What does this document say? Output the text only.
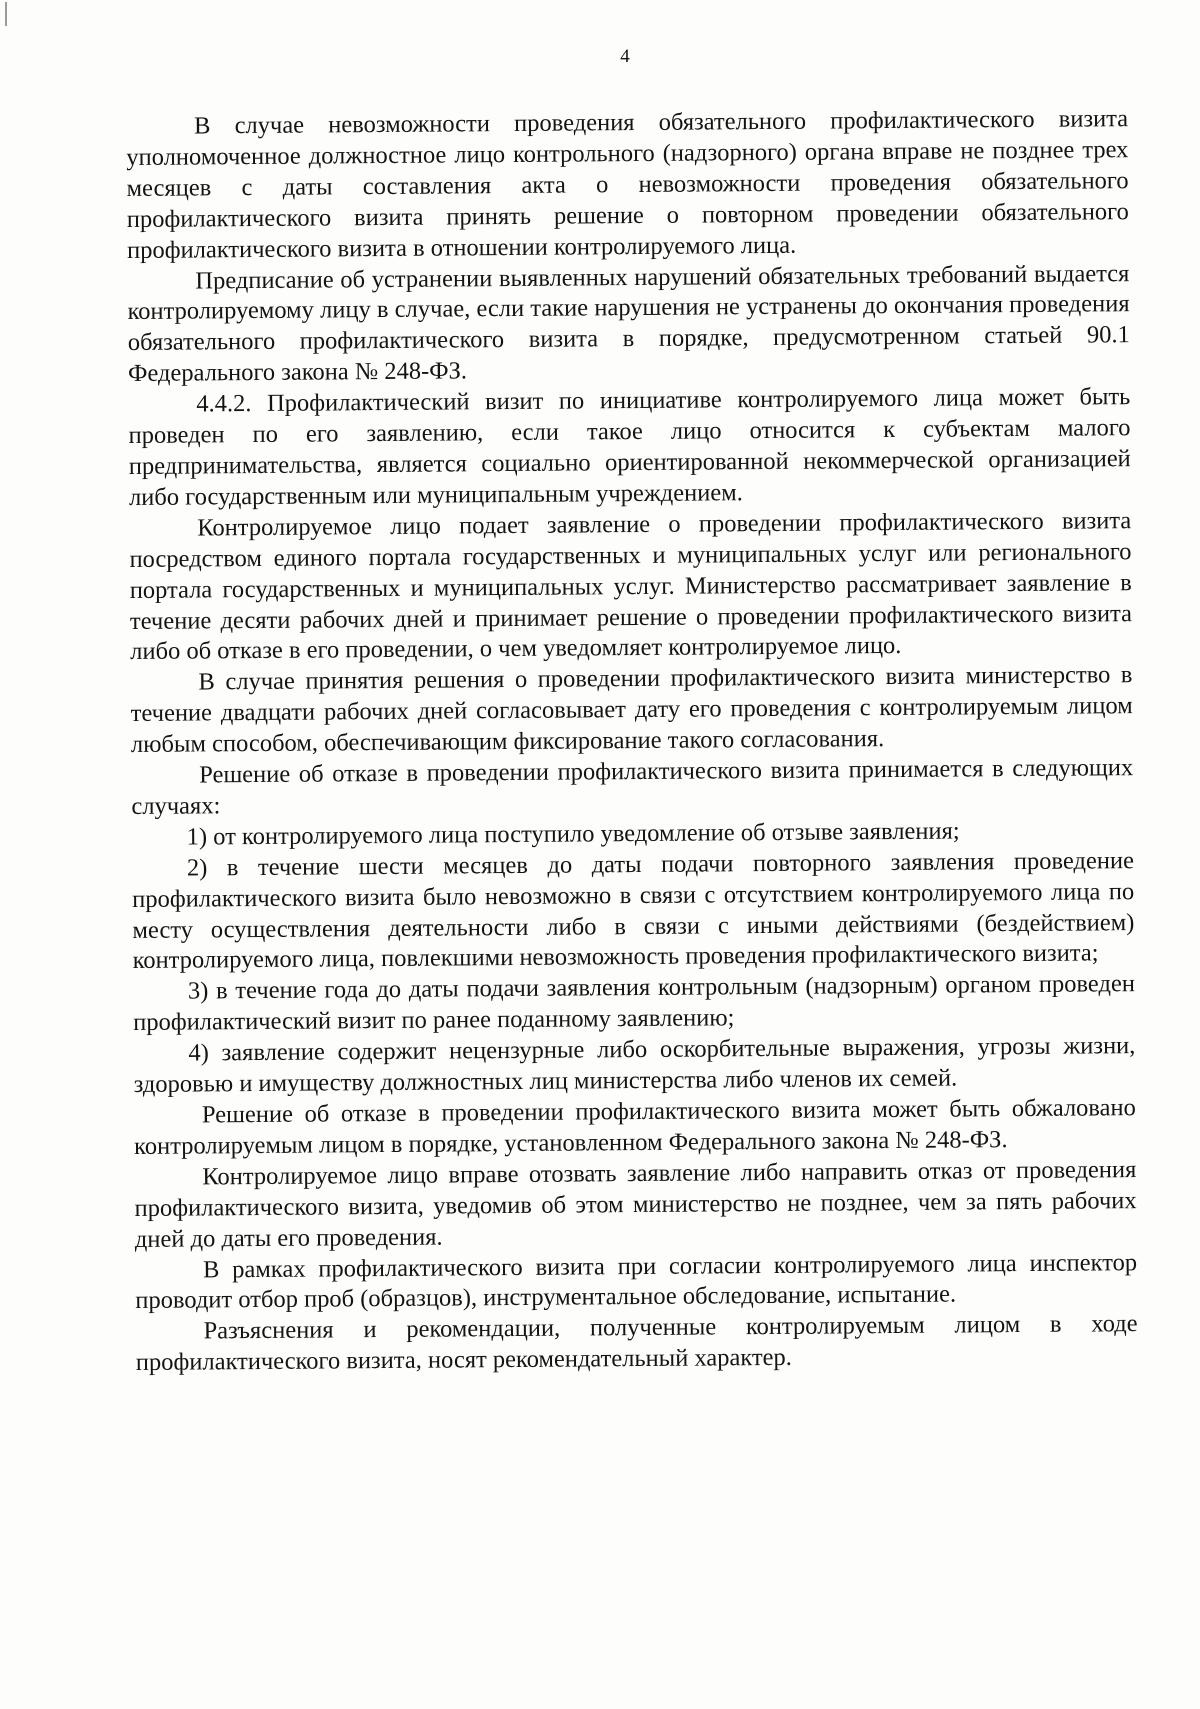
4

В случае невозможности проведения обязательного профилактического визита уполномоченное должностное лицо контрольного (надзорного) органа вправе не позднее трех месяцев с даты составления акта о невозможности проведения обязательного профилактического визита принять решение о повторном проведении обязательного профилактического визита в отношении контролируемого лица.

Предписание об устранении выявленных нарушений обязательных требований выдается контролируемому лицу в случае, если такие нарушения не устранены до окончания проведения обязательного профилактического визита в порядке, предусмотренном статьей 90.1 Федерального закона № 248-ФЗ.

4.4.2. Профилактический визит по инициативе контролируемого лица может быть проведен по его заявлению, если такое лицо относится к субъектам малого предпринимательства, является социально ориентированной некоммерческой организацией либо государственным или муниципальным учреждением.

Контролируемое лицо подает заявление о проведении профилактического визита посредством единого портала государственных и муниципальных услуг или регионального портала государственных и муниципальных услуг. Министерство рассматривает заявление в течение десяти рабочих дней и принимает решение о проведении профилактического визита либо об отказе в его проведении, о чем уведомляет контролируемое лицо.

В случае принятия решения о проведении профилактического визита министерство в течение двадцати рабочих дней согласовывает дату его проведения с контролируемым лицом любым способом, обеспечивающим фиксирование такого согласования.

Решение об отказе в проведении профилактического визита принимается в следующих случаях:

1) от контролируемого лица поступило уведомление об отзыве заявления;

2) в течение шести месяцев до даты подачи повторного заявления проведение профилактического визита было невозможно в связи с отсутствием контролируемого лица по месту осуществления деятельности либо в связи с иными действиями (бездействием) контролируемого лица, повлекшими невозможность проведения профилактического визита;

3) в течение года до даты подачи заявления контрольным (надзорным) органом проведен профилактический визит по ранее поданному заявлению;

4) заявление содержит нецензурные либо оскорбительные выражения, угрозы жизни, здоровью и имуществу должностных лиц министерства либо членов их семей.

Решение об отказе в проведении профилактического визита может быть обжаловано контролируемым лицом в порядке, установленном Федерального закона № 248-ФЗ.

Контролируемое лицо вправе отозвать заявление либо направить отказ от проведения профилактического визита, уведомив об этом министерство не позднее, чем за пять рабочих дней до даты его проведения.

В рамках профилактического визита при согласии контролируемого лица инспектор проводит отбор проб (образцов), инструментальное обследование, испытание.

Разъяснения и рекомендации, полученные контролируемым лицом в ходе профилактического визита, носят рекомендательный характер.
